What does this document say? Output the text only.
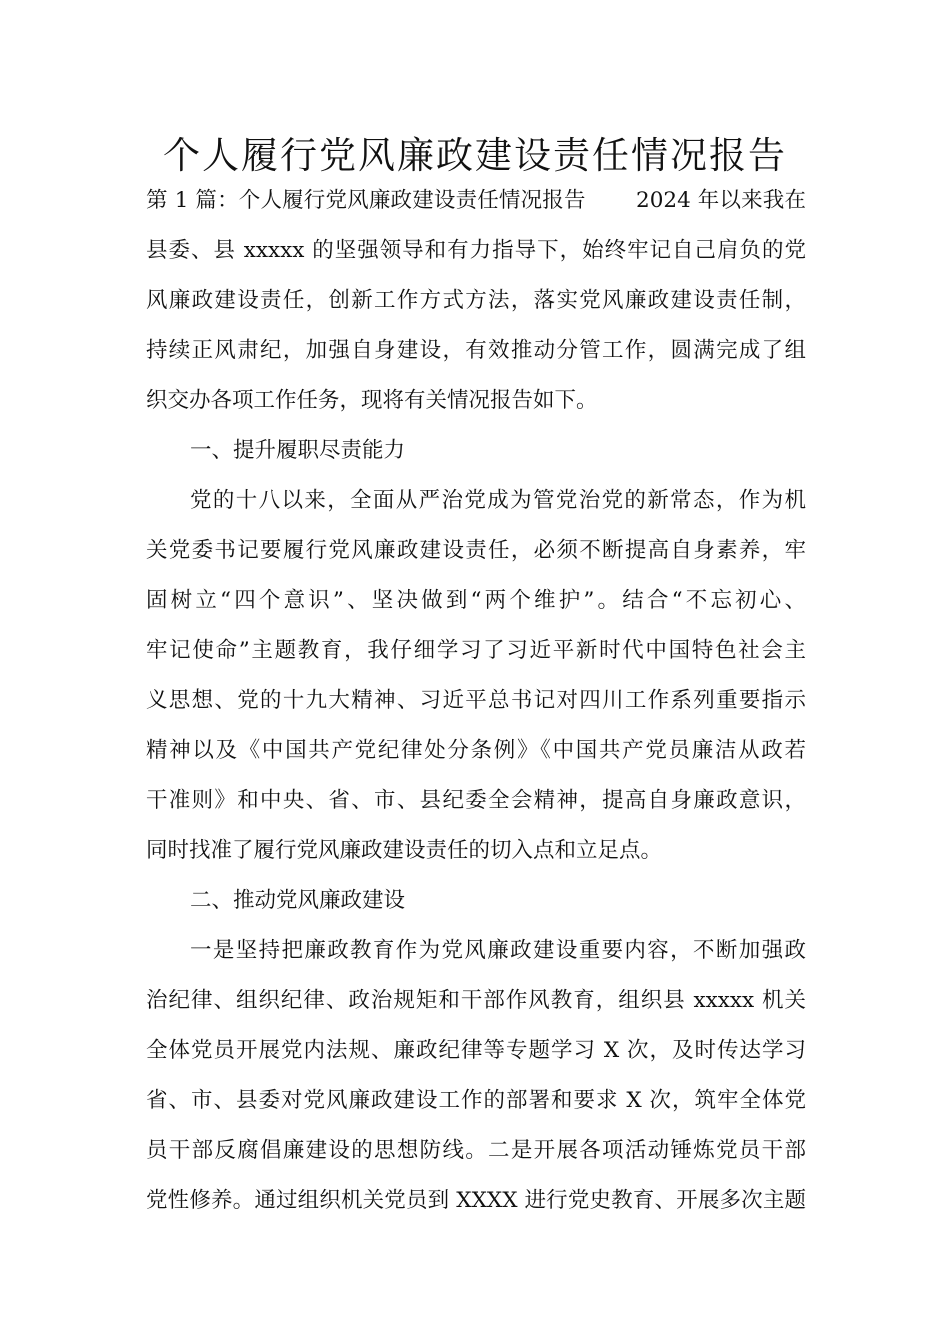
个人履行党风廉政建设责任情况报告
第 1 篇：个人履行党风廉政建设责任情况报告 　　2024 年以来我在
县委、县 xxxxx 的坚强领导和有力指导下，始终牢记自己肩负的党
风廉政建设责任，创新工作方式方法，落实党风廉政建设责任制，
持续正风肃纪，加强自身建设，有效推动分管工作，圆满完成了组
织交办各项工作任务，现将有关情况报告如下。
一、提升履职尽责能力
党的十八以来，全面从严治党成为管党治党的新常态，作为机
关党委书记要履行党风廉政建设责任，必须不断提高自身素养，牢
固树立“四个意识”、坚决做到“两个维护”。结合“不忘初心、
牢记使命”主题教育，我仔细学习了习近平新时代中国特色社会主
义思想、党的十九大精神、习近平总书记对四川工作系列重要指示
精神以及《中国共产党纪律处分条例》《中国共产党员廉洁从政若
干准则》和中央、省、市、县纪委全会精神，提高自身廉政意识，
同时找准了履行党风廉政建设责任的切入点和立足点。
二、推动党风廉政建设
一是坚持把廉政教育作为党风廉政建设重要内容，不断加强政
治纪律、组织纪律、政治规矩和干部作风教育，组织县 xxxxx 机关
全体党员开展党内法规、廉政纪律等专题学习 X 次，及时传达学习
省、市、县委对党风廉政建设工作的部署和要求 X 次，筑牢全体党
员干部反腐倡廉建设的思想防线。二是开展各项活动锤炼党员干部
党性修养。通过组织机关党员到 XXXX 进行党史教育、开展多次主题
